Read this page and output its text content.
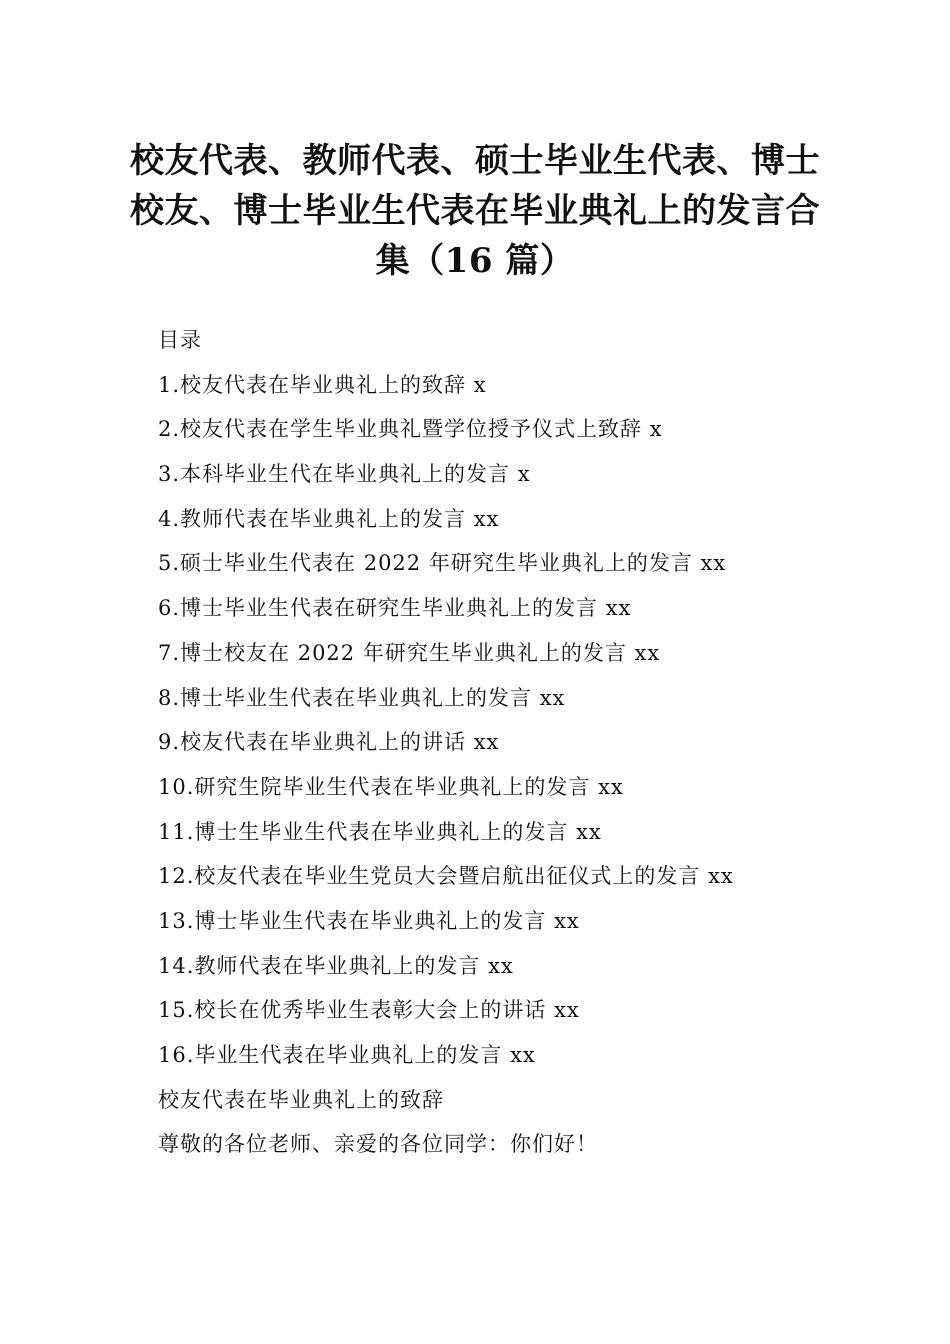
校友代表、教师代表、硕士毕业生代表、博士
校友、博士毕业生代表在毕业典礼上的发言合
集（16 篇）
目录
1.校友代表在毕业典礼上的致辞 x
2.校友代表在学生毕业典礼暨学位授予仪式上致辞 x
3.本科毕业生代在毕业典礼上的发言 x
4.教师代表在毕业典礼上的发言 xx
5.硕士毕业生代表在 2022 年研究生毕业典礼上的发言 xx
6.博士毕业生代表在研究生毕业典礼上的发言 xx
7.博士校友在 2022 年研究生毕业典礼上的发言 xx
8.博士毕业生代表在毕业典礼上的发言 xx
9.校友代表在毕业典礼上的讲话 xx
10.研究生院毕业生代表在毕业典礼上的发言 xx
11.博士生毕业生代表在毕业典礼上的发言 xx
12.校友代表在毕业生党员大会暨启航出征仪式上的发言 xx
13.博士毕业生代表在毕业典礼上的发言 xx
14.教师代表在毕业典礼上的发言 xx
15.校长在优秀毕业生表彰大会上的讲话 xx
16.毕业生代表在毕业典礼上的发言 xx
校友代表在毕业典礼上的致辞
尊敬的各位老师、亲爱的各位同学：你们好！
